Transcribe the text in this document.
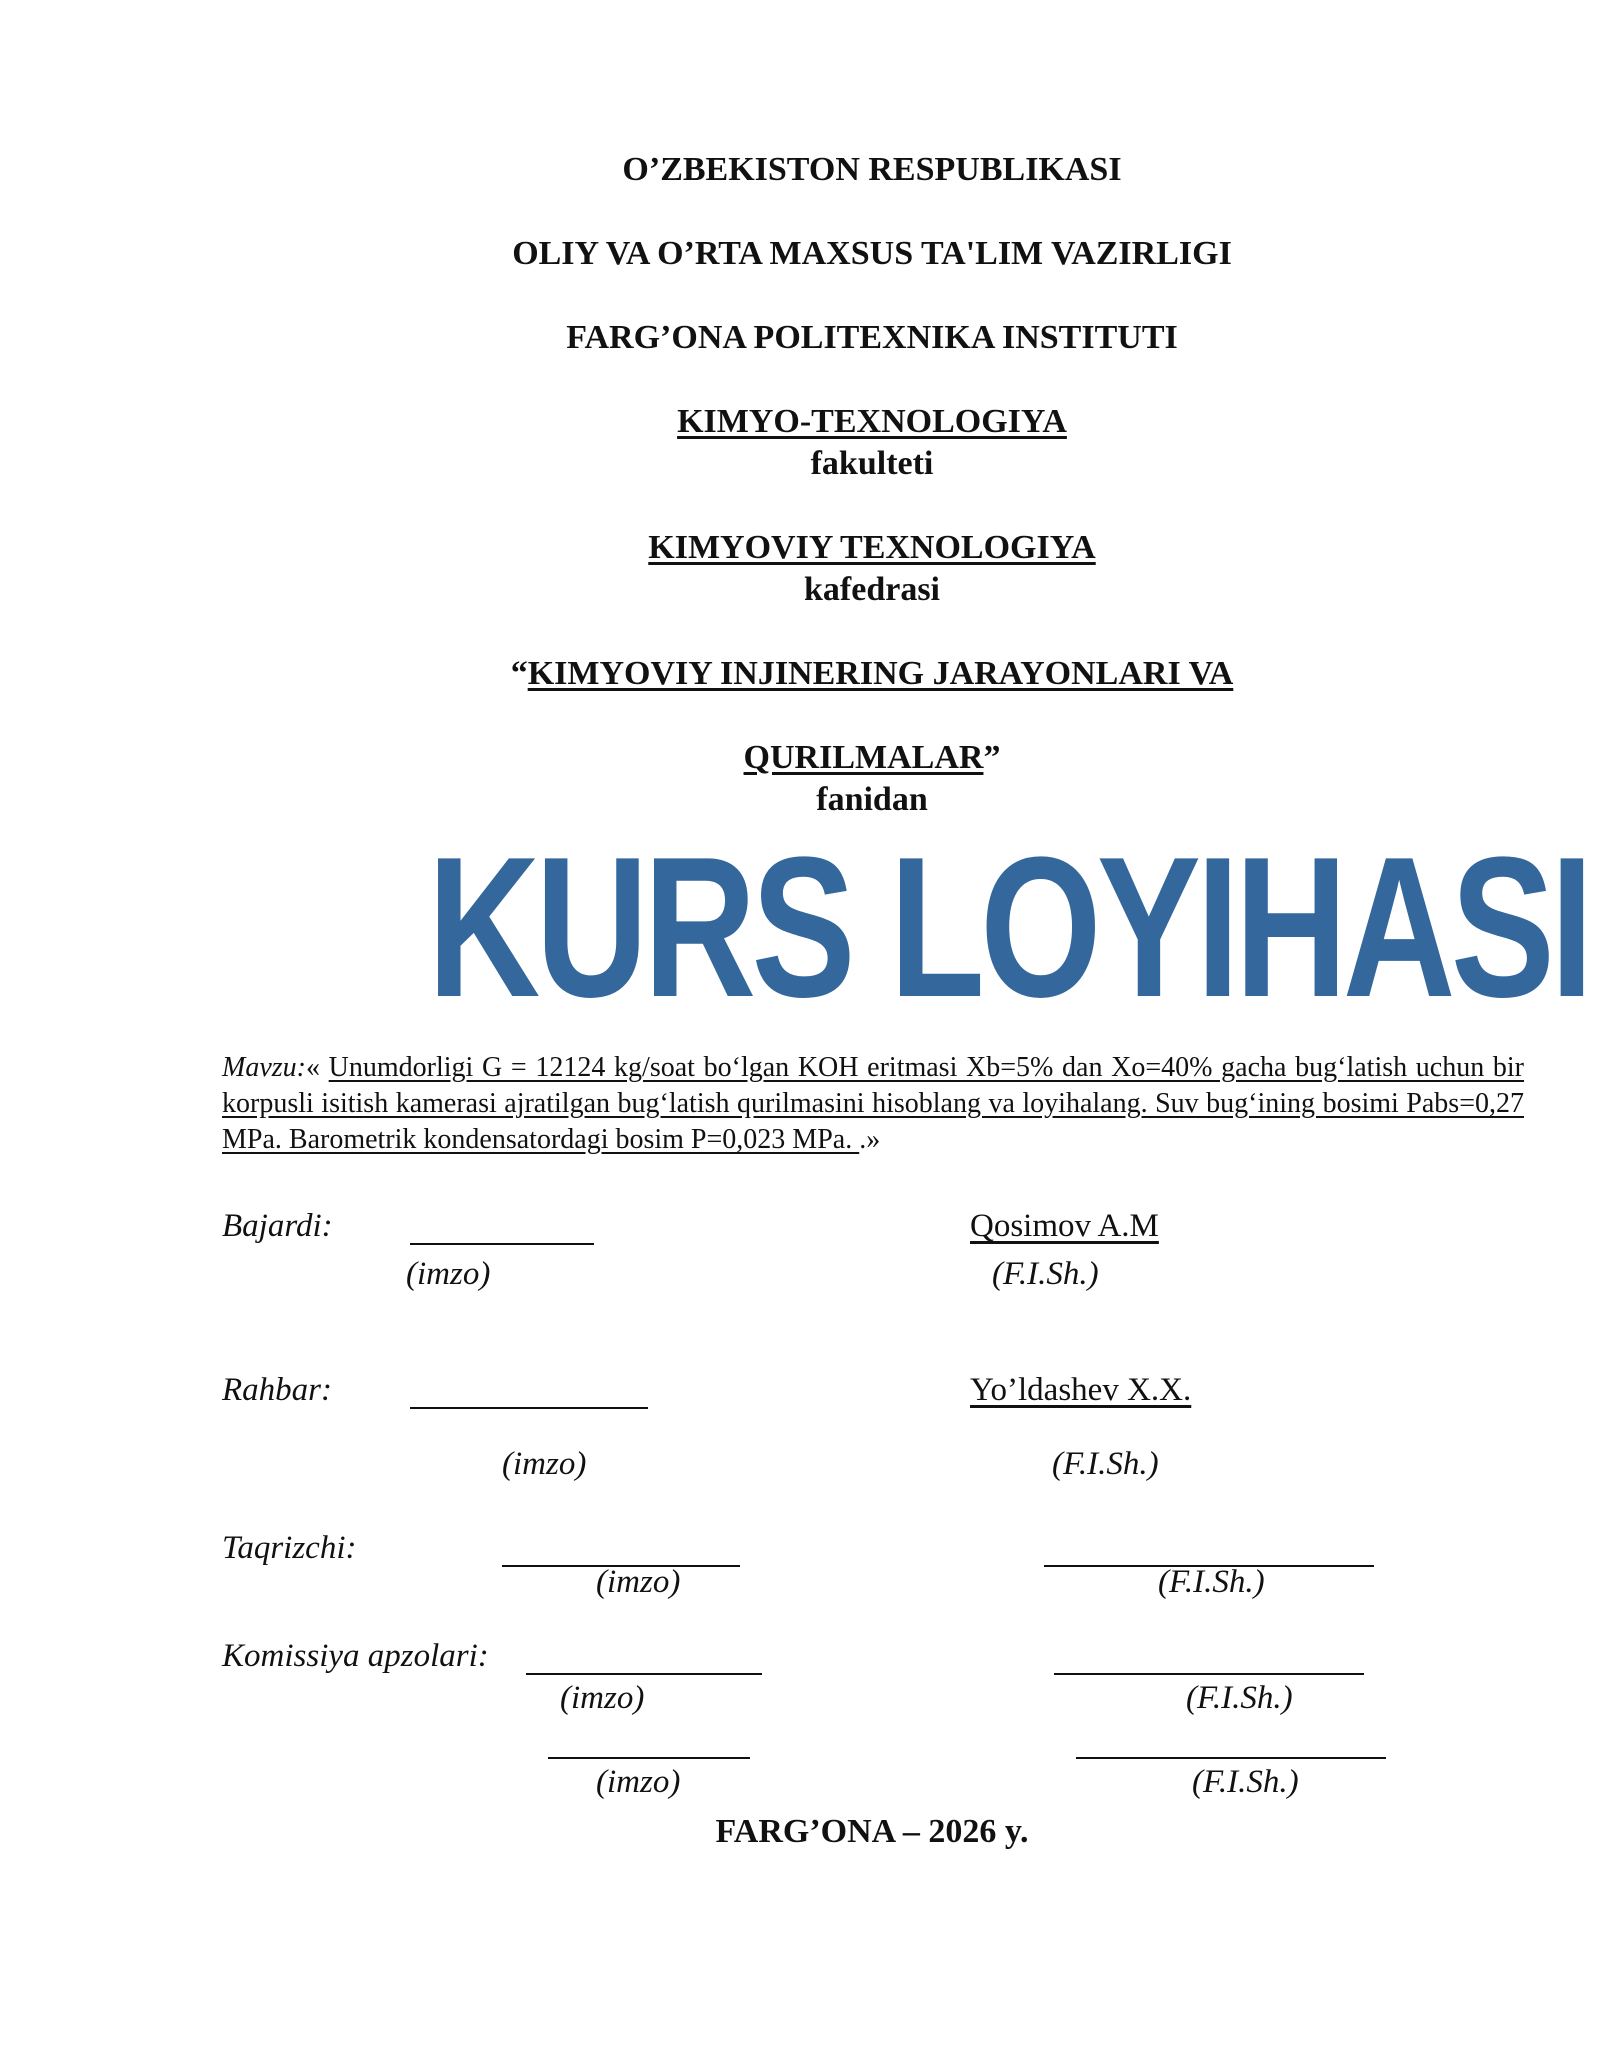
O’ZBEKISTON RESPUBLIKASI
OLIY VA O’RTA MAXSUS TA'LIM VAZIRLIGI
FARG’ONA POLITEXNIKA INSTITUTI
KIMYO-TEXNOLOGIYA
fakulteti
KIMYOVIY TEXNOLOGIYA
kafedrasi
“KIMYOVIY INJINERING JARAYONLARI VA
QURILMALAR”
fanidan
KURS LOYIHASI
Mavzu:« Unumdorligi G = 12124 kg/soat bo‘lgan KOH eritmasi Xb=5% dan Xo=40% gacha bug‘latish uchun bir korpusli isitish kamerasi ajratilgan bug‘latish qurilmasini hisoblang va loyihalang. Suv bug‘ining bosimi Pabs=0,27 MPa. Barometrik kondensatordagi bosim P=0,023 MPa. .»
Bajardi:	Qosimov A.M
(imzo)	(F.I.Sh.)
Rahbar:	Yo’ldashev X.X.
(imzo)	(F.I.Sh.)
Taqrizchi:
(imzo)	(F.I.Sh.)
Komissiya apzolari:
(imzo)	(F.I.Sh.)
(imzo)	(F.I.Sh.)
FARG’ONA – 2026 y.
